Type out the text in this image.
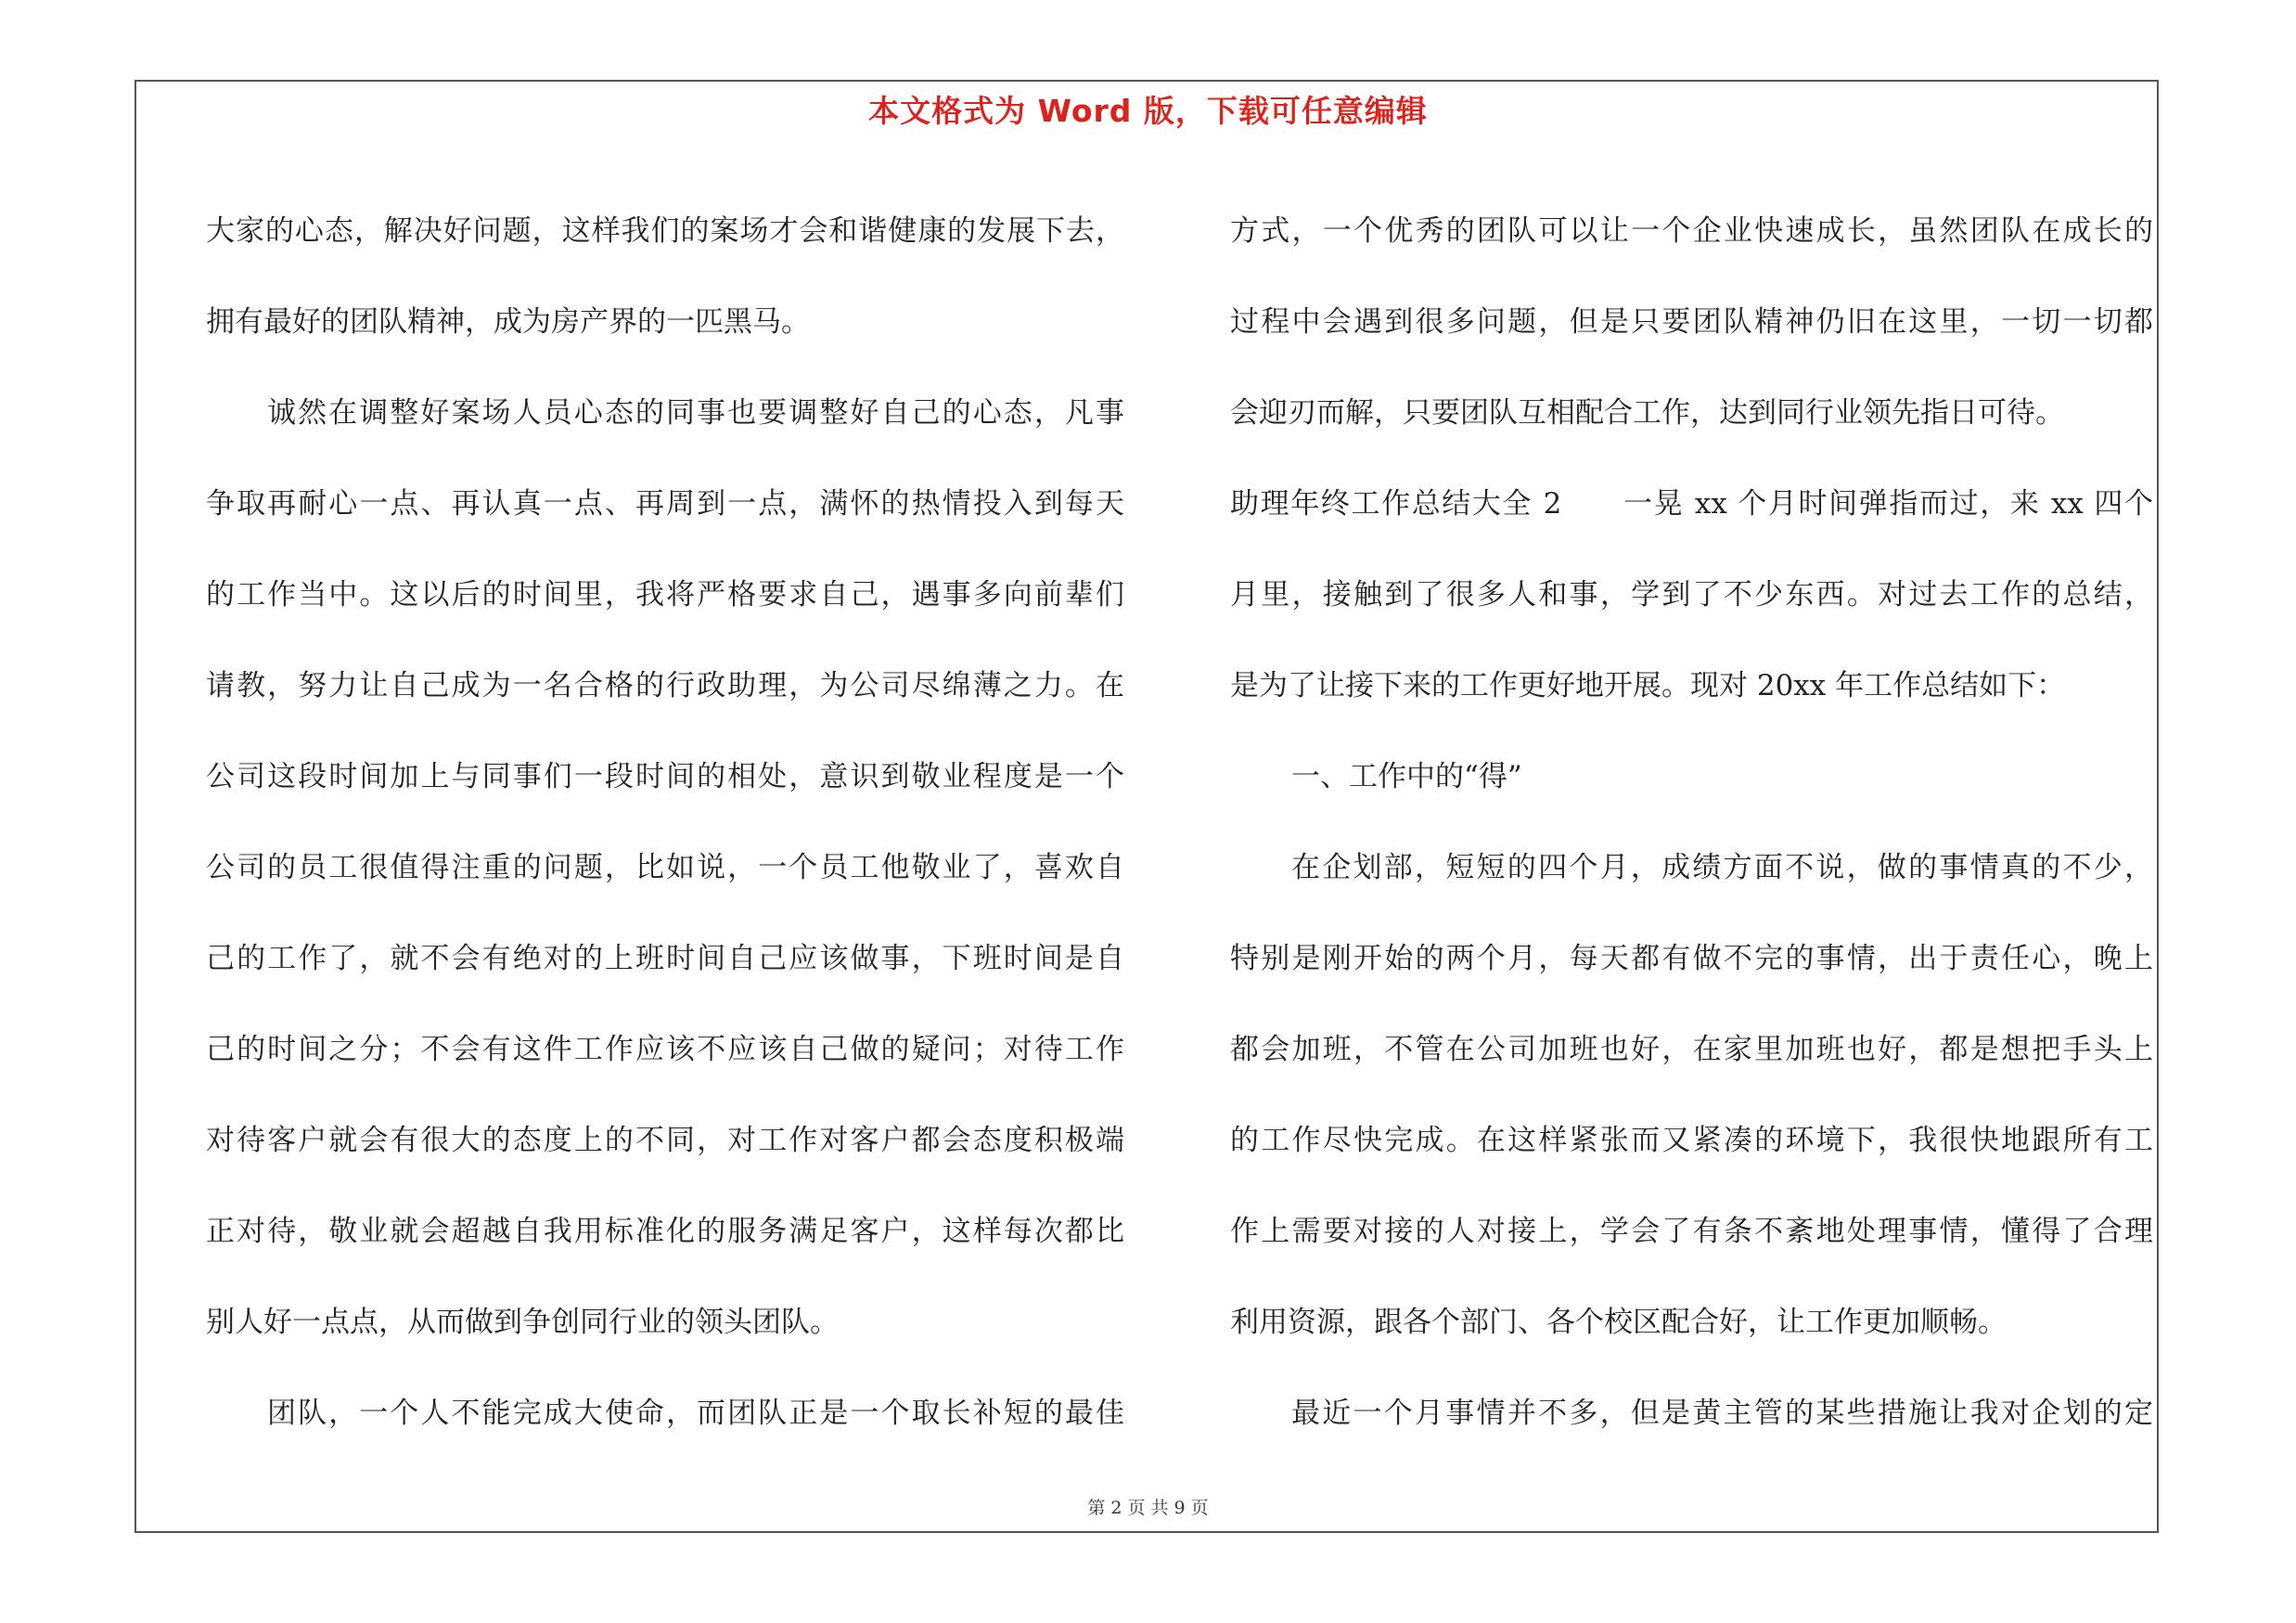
本文格式为 Word 版，下载可任意编辑
大家的心态，解决好问题，这样我们的案场才会和谐健康的发展下去，
拥有最好的团队精神，成为房产界的一匹黑马。
诚然在调整好案场人员心态的同事也要调整好自己的心态，凡事
争取再耐心一点、再认真一点、再周到一点，满怀的热情投入到每天
的工作当中。这以后的时间里，我将严格要求自己，遇事多向前辈们
请教，努力让自己成为一名合格的行政助理，为公司尽绵薄之力。在
公司这段时间加上与同事们一段时间的相处，意识到敬业程度是一个
公司的员工很值得注重的问题，比如说，一个员工他敬业了，喜欢自
己的工作了，就不会有绝对的上班时间自己应该做事，下班时间是自
己的时间之分；不会有这件工作应该不应该自己做的疑问；对待工作
对待客户就会有很大的态度上的不同，对工作对客户都会态度积极端
正对待，敬业就会超越自我用标准化的服务满足客户，这样每次都比
别人好一点点，从而做到争创同行业的领头团队。
团队，一个人不能完成大使命，而团队正是一个取长补短的最佳
方式，一个优秀的团队可以让一个企业快速成长，虽然团队在成长的
过程中会遇到很多问题，但是只要团队精神仍旧在这里，一切一切都
会迎刃而解，只要团队互相配合工作，达到同行业领先指日可待。
助理年终工作总结大全 2　　一晃 xx 个月时间弹指而过，来 xx 四个
月里，接触到了很多人和事，学到了不少东西。对过去工作的总结，
是为了让接下来的工作更好地开展。现对 20xx 年工作总结如下：
一、工作中的“得”
在企划部，短短的四个月，成绩方面不说，做的事情真的不少，
特别是刚开始的两个月，每天都有做不完的事情，出于责任心，晚上
都会加班，不管在公司加班也好，在家里加班也好，都是想把手头上
的工作尽快完成。在这样紧张而又紧凑的环境下，我很快地跟所有工
作上需要对接的人对接上，学会了有条不紊地处理事情，懂得了合理
利用资源，跟各个部门、各个校区配合好，让工作更加顺畅。
最近一个月事情并不多，但是黄主管的某些措施让我对企划的定
第 2 页 共 9 页
